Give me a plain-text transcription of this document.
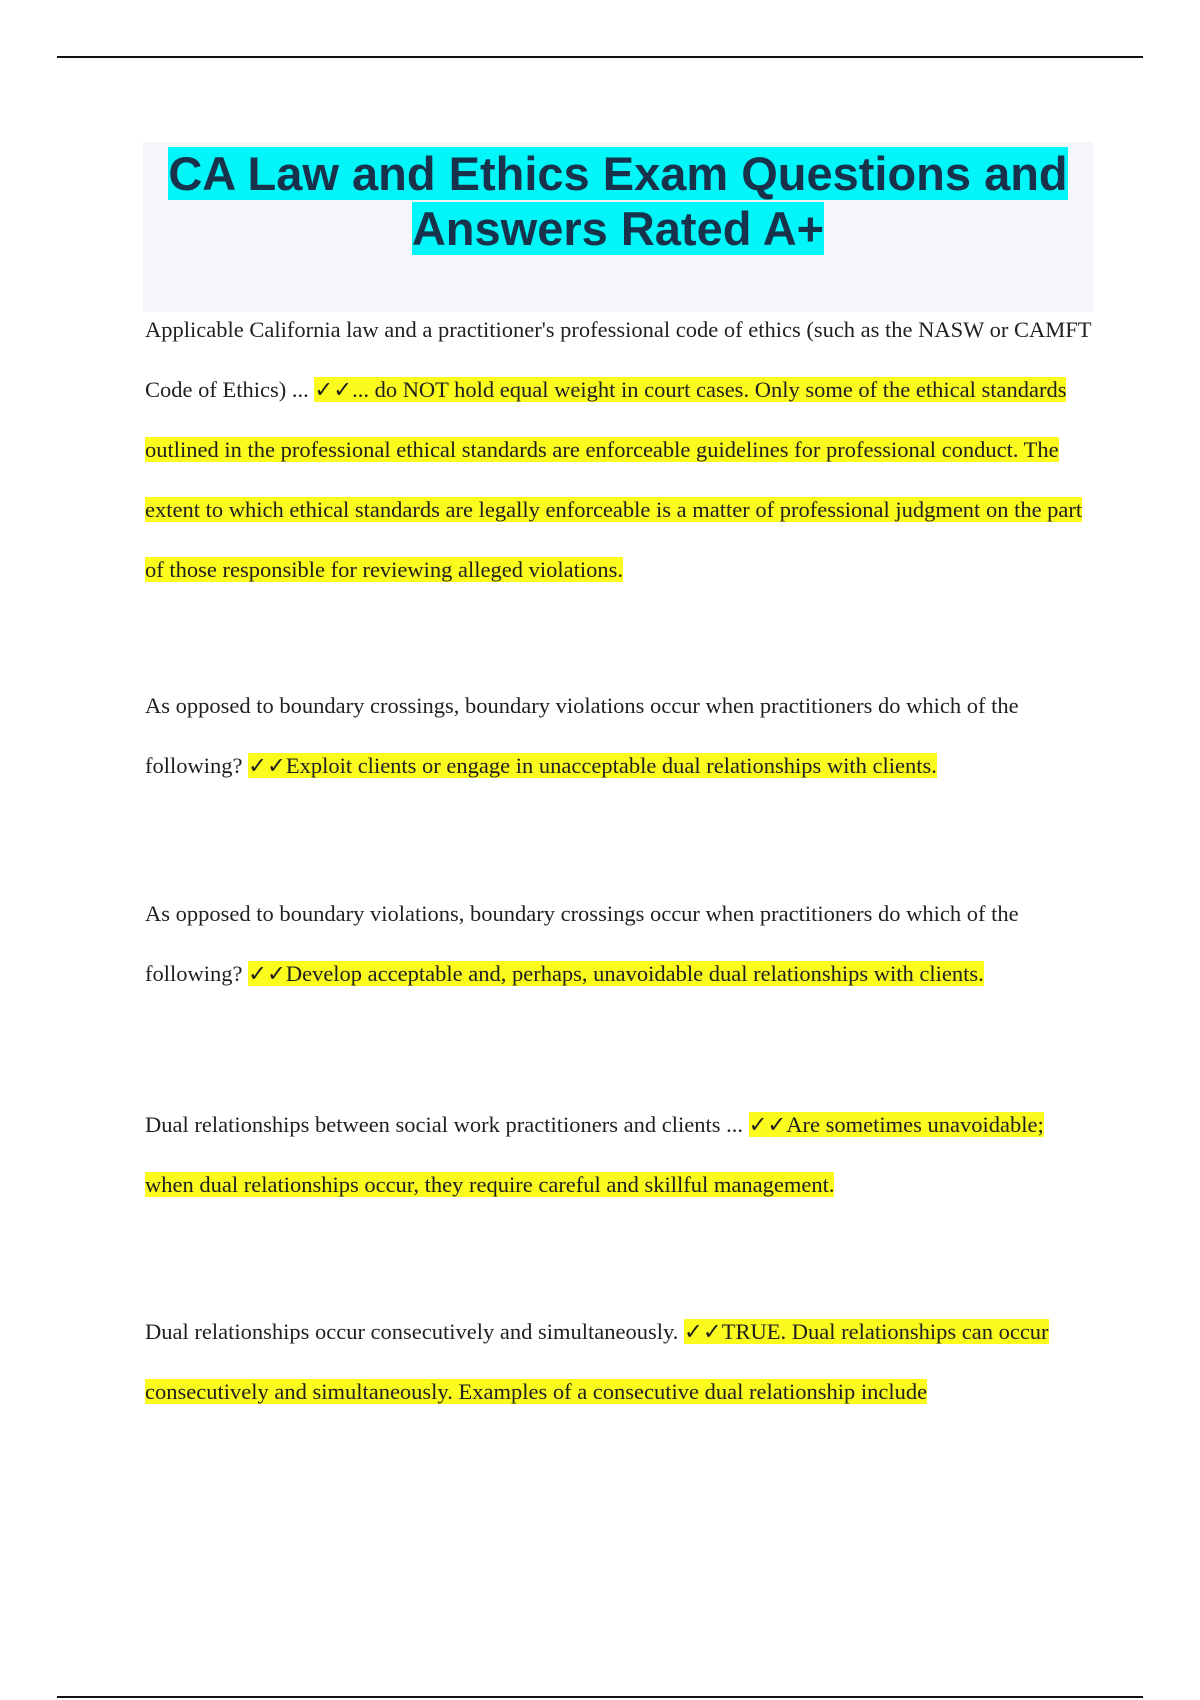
CA Law and Ethics Exam Questions and Answers Rated A+

Applicable California law and a practitioner's professional code of ethics (such as the NASW or CAMFT Code of Ethics) ... ✓✓... do NOT hold equal weight in court cases. Only some of the ethical standards outlined in the professional ethical standards are enforceable guidelines for professional conduct. The extent to which ethical standards are legally enforceable is a matter of professional judgment on the part of those responsible for reviewing alleged violations.

As opposed to boundary crossings, boundary violations occur when practitioners do which of the following? ✓✓Exploit clients or engage in unacceptable dual relationships with clients.

As opposed to boundary violations, boundary crossings occur when practitioners do which of the following? ✓✓Develop acceptable and, perhaps, unavoidable dual relationships with clients.

Dual relationships between social work practitioners and clients ... ✓✓Are sometimes unavoidable; when dual relationships occur, they require careful and skillful management.

Dual relationships occur consecutively and simultaneously. ✓✓TRUE. Dual relationships can occur consecutively and simultaneously. Examples of a consecutive dual relationship include
